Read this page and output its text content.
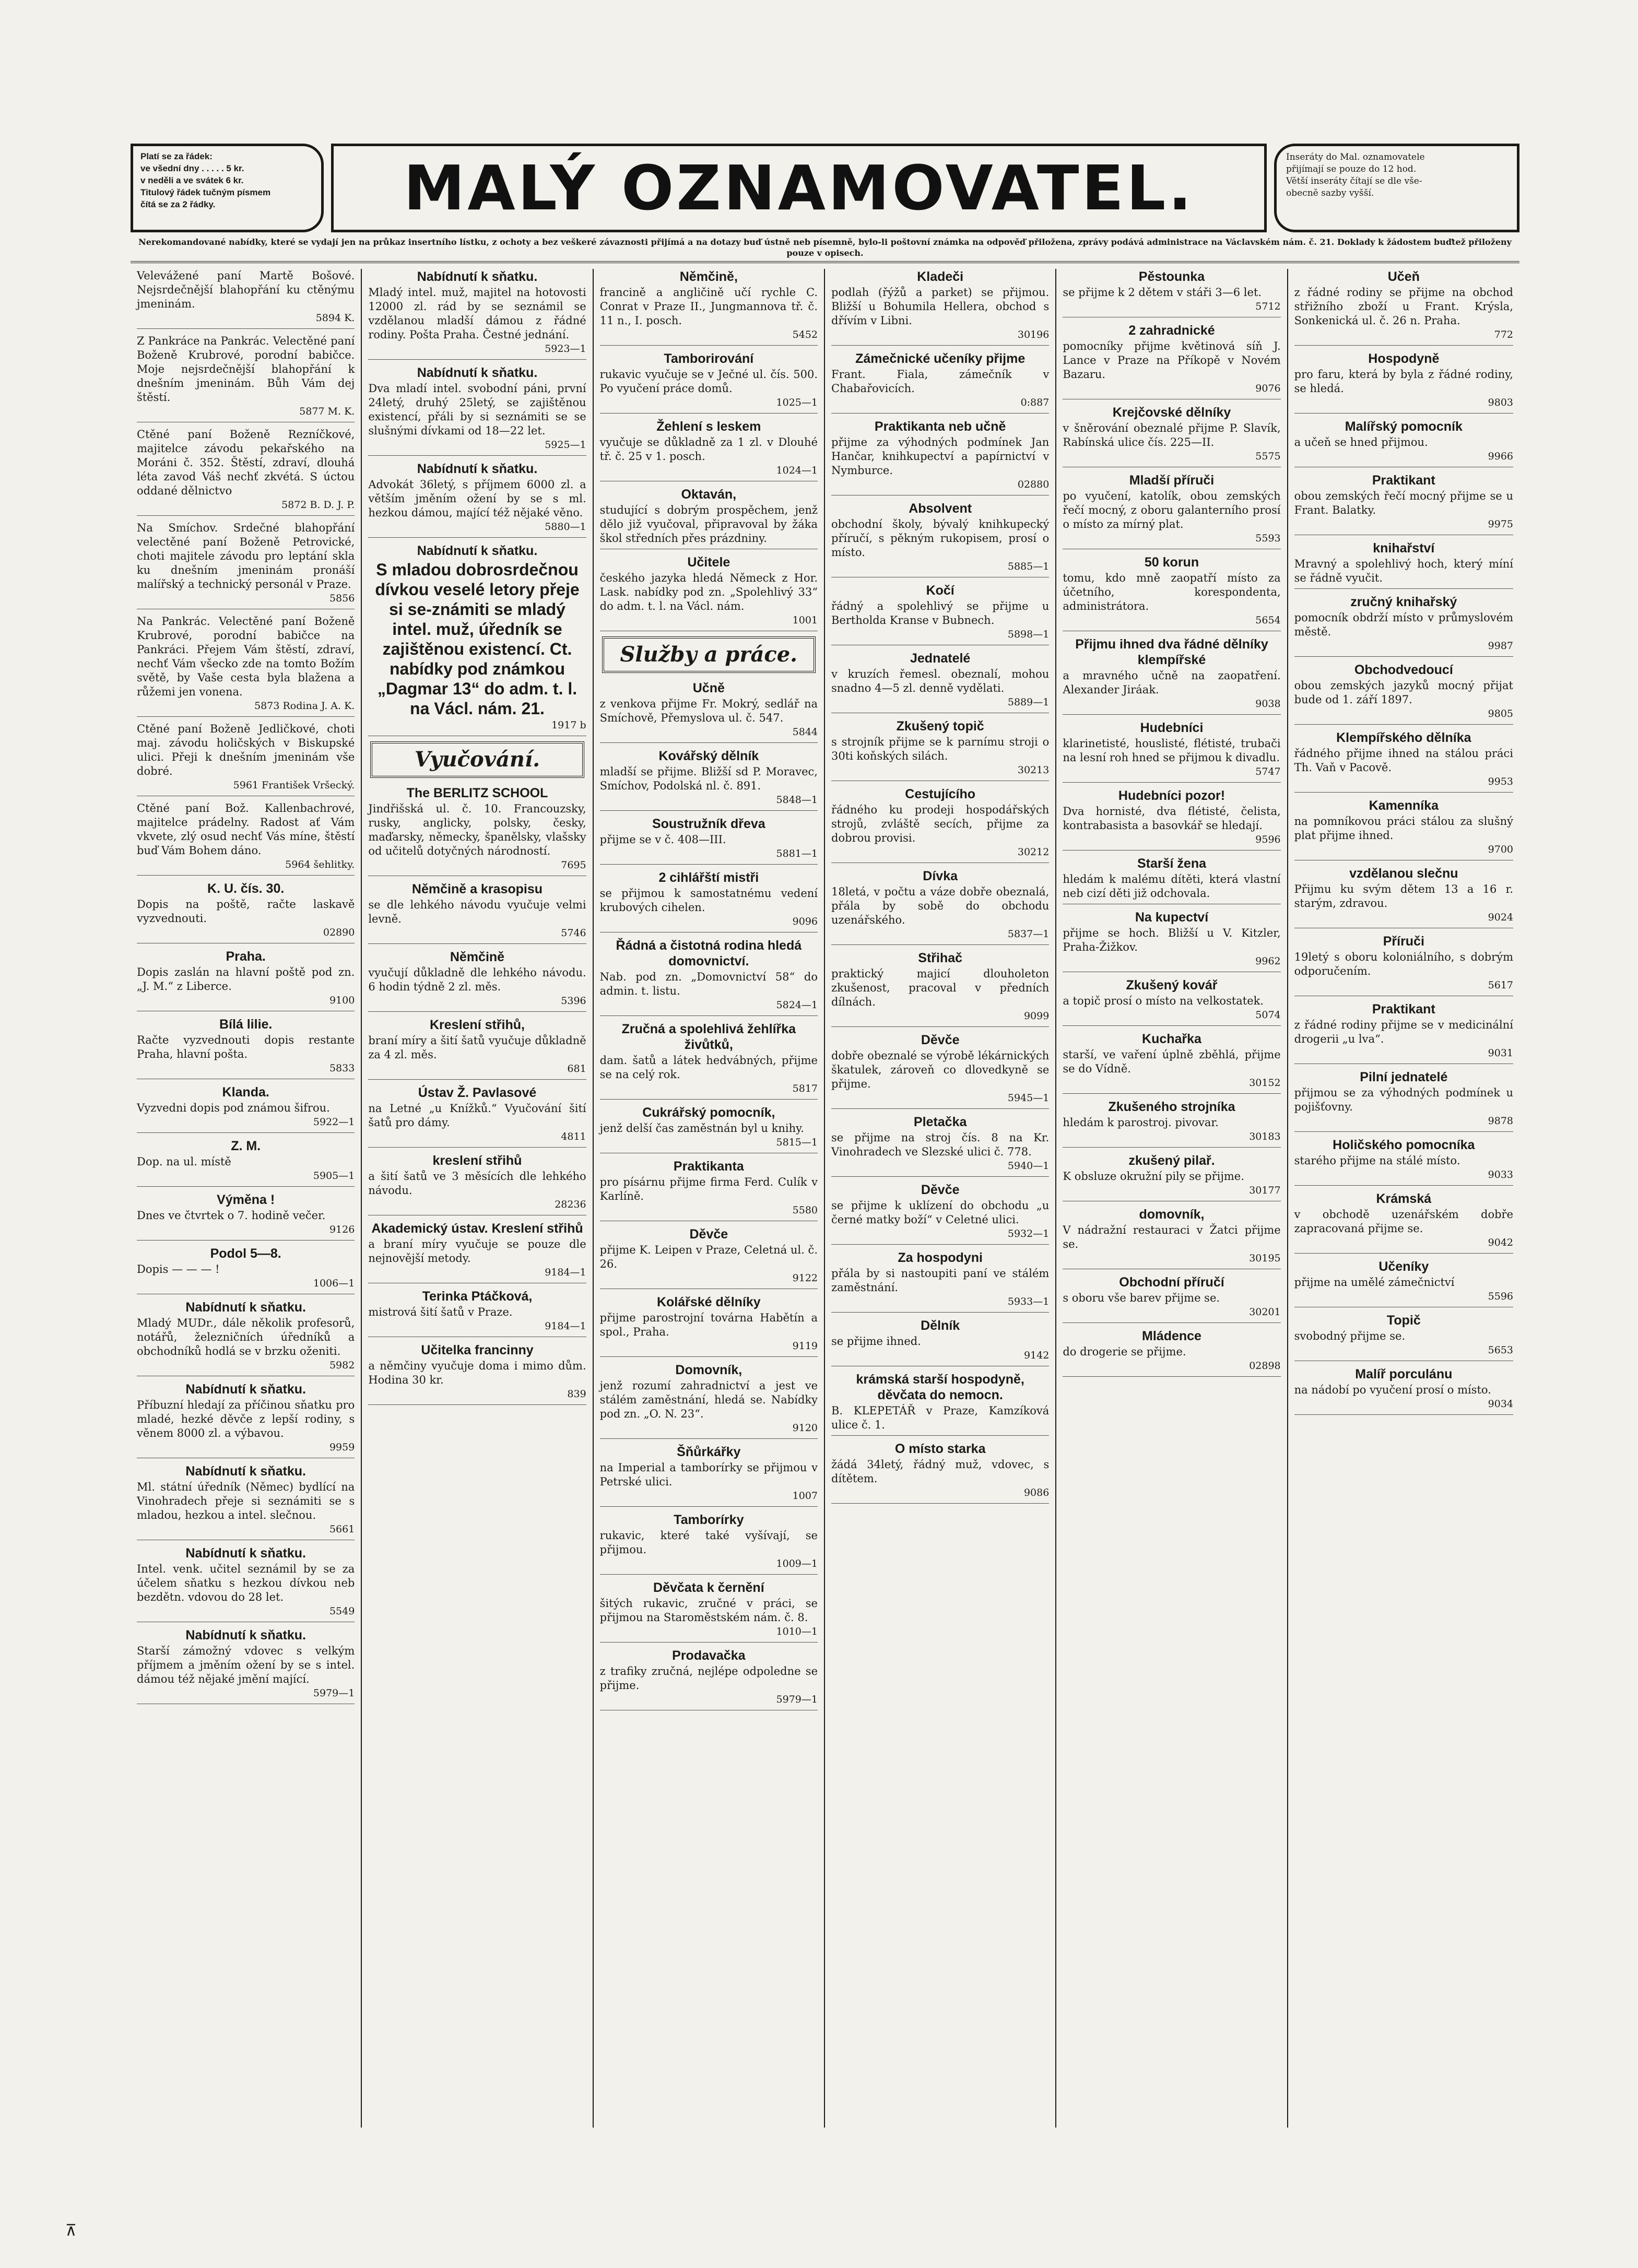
Platí se za řádek:
ve všední dny . . . . . 5 kr.
v neděli a ve svátek 6 kr.
Titulový řádek tučným písmem
čítá se za 2 řádky.	MALÝ OZNAMOVATEL.	Inseráty do Mal. oznamovatele
přijímají se pouze do 12 hod.
Větší inseráty čítají se dle vše-
obecně sazby vyšší.
Nerekomandované nabídky, které se vydají jen na průkaz insertního lístku, z ochoty a bez veškeré závaznosti přijímá a na dotazy buď ústně neb písemně, bylo-li poštovní známka na odpověď přiložena, zprávy podává administrace na Václavském nám. č. 21. Doklady k žádostem buďtež přiloženy pouze v opisech.
Velevážené paní Martě Bošové. Nejsrdečnější blahopřání ku ctěnýmu jmeninám.
5894 K.
Z Pankráce na Pankrác. Velectěné paní Boženě Krubrové, porodní babičce. Moje nejsrdečnější blahopřání k dnešním jmeninám. Bůh Vám dej štěstí.
5877 M. K.
Ctěné paní Boženě Rezníčkové, majitelce závodu pekařského na Moráni č. 352. Štěstí, zdraví, dlouhá léta zavod Váš nechť zkvétá. S úctou oddané dělnictvo
5872 B. D. J. P.
Na Smíchov. Srdečné blahopřání velectěné paní Boženě Petrovické, choti majitele závodu pro leptání skla ku dnešním jmeninám pronáší malířský a technický personál v Praze.
5856
Na Pankrác. Velectěné paní Boženě Krubrové, porodní babičce na Pankráci. Přejem Vám štěstí, zdraví, nechť Vám všecko zde na tomto Božím světě, by Vaše cesta byla blažena a růžemi jen vonena.
5873 Rodina J. A. K.
Ctěné paní Boženě Jedličkové, choti maj. závodu holičských v Biskupské ulici. Přeji k dnešním jmeninám vše dobré.
5961 František Vršecký.
Ctěné paní Bož. Kallenbachrové, majitelce prádelny. Radost ať Vám vkvete, zlý osud nechť Vás míne, štěstí buď Vám Bohem dáno.
5964 šehlitky.
K. U. čís. 30.
Dopis na poště, račte laskavě vyzvednouti.
02890
Praha.
Dopis zaslán na hlavní poště pod zn. „J. M.“ z Liberce.
9100
Bílá lilie.
Račte vyzvednouti dopis restante Praha, hlavní pošta.
5833
Klanda.
Vyzvedni dopis pod známou šifrou.
5922—1
Z. M.
Dop. na ul. místě
5905—1
Výměna !
Dnes ve čtvrtek o 7. hodině večer.
9126
Podol 5—8.
Dopis — — — !
1006—1
Nabídnutí k sňatku.
Mladý MUDr., dále několik profesorů, notářů, železničních úředníků a obchodníků hodlá se v brzku oženiti.
5982
Nabídnutí k sňatku.
Příbuzní hledají za příčinou sňatku pro mladé, hezké děvče z lepší rodiny, s věnem 8000 zl. a výbavou.
9959
Nabídnutí k sňatku.
Ml. státní úředník (Němec) bydlící na Vinohradech přeje si seznámiti se s mladou, hezkou a intel. slečnou.
5661
Nabídnutí k sňatku.
Intel. venk. učitel seznámil by se za účelem sňatku s hezkou dívkou neb bezdětn. vdovou do 28 let.
5549
Nabídnutí k sňatku.
Starší zámožný vdovec s velkým příjmem a jměním ožení by se s intel. dámou též nějaké jmění mající.
5979—1
Nabídnutí k sňatku.
Mladý intel. muž, majitel na hotovosti 12000 zl. rád by se seznámil se vzdělanou mladší dámou z řádné rodiny. Pošta Praha. Čestné jednání.
5923—1
Nabídnutí k sňatku.
Dva mladí intel. svobodní páni, první 24letý, druhý 25letý, se zajištěnou existencí, přáli by si seznámiti se se slušnými dívkami od 18—22 let.
5925—1
Nabídnutí k sňatku.
Advokát 36letý, s příjmem 6000 zl. a větším jměním ožení by se s ml. hezkou dámou, mající též nějaké věno.
5880—1
Nabídnutí k sňatku.
S mladou dobrosrdečnou dívkou veselé letory přeje si se-známiti se mladý intel. muž, úředník se zajištěnou existencí. Ct. nabídky pod známkou „Dagmar 13“ do adm. t. l. na Václ. nám. 21.
1917 b
Vyučování.
The BERLITZ SCHOOL
Jindřišská ul. č. 10. Francouzsky, rusky, anglicky, polsky, česky, maďarsky, německy, španělsky, vlašsky od učitelů dotyčných národností.
7695
Němčině a krasopisu
se dle lehkého návodu vyučuje velmi levně.
5746
Němčině
vyučují důkladně dle lehkého návodu. 6 hodin týdně 2 zl. měs.
5396
Kreslení střihů,
braní míry a šití šatů vyučuje důkladně za 4 zl. měs.
681
Ústav Ž. Pavlasové
na Letné „u Knížků.“ Vyučování šití šatů pro dámy.
4811
kreslení střihů
a šití šatů ve 3 měsících dle lehkého návodu.
28236
Akademický ústav. Kreslení střihů
a braní míry vyučuje se pouze dle nejnovější metody.
9184—1
Terinka Ptáčková,
mistrová šití šatů v Praze.
9184—1
Učitelka francinny
a němčiny vyučuje doma i mimo dům. Hodina 30 kr.
839
Němčině,
francině a angličině učí rychle C. Conrat v Praze II., Jungmannova tř. č. 11 n., I. posch.
5452
Tamborirování
rukavic vyučuje se v Ječné ul. čís. 500. Po vyučení práce domů.
1025—1
Žehlení s leskem
vyučuje se důkladně za 1 zl. v Dlouhé tř. č. 25 v 1. posch.
1024—1
Oktaván,
studující s dobrým prospěchem, jenž dělo již vyučoval, připravoval by žáka škol středních přes prázdniny.
Učitele
českého jazyka hledá Německ z Hor. Lask. nabídky pod zn. „Spolehlivý 33“ do adm. t. l. na Václ. nám.
1001
Služby a práce.
Učně
z venkova přijme Fr. Mokrý, sedlář na Smíchově, Přemyslova ul. č. 547.
5844
Kovářský dělník
mladší se přijme. Bližší sd P. Moravec, Smíchov, Podolská nl. č. 891.
5848—1
Soustružník dřeva
přijme se v č. 408—III.
5881—1
2 cihlářští mistři
se přijmou k samostatnému vedení krubových cihelen.
9096
Řádná a čistotná rodina hledá domovnictví.
Nab. pod zn. „Domovnictví 58“ do admin. t. listu.
5824—1
Zručná a spolehlivá žehlířka živůtků,
dam. šatů a látek hedvábných, přijme se na celý rok.
5817
Cukrářský pomocník,
jenž delší čas zaměstnán byl u knihy.
5815—1
Praktikanta
pro písárnu přijme firma Ferd. Culík v Karlíně.
5580
Děvče
přijme K. Leipen v Praze, Celetná ul. č. 26.
9122
Kolářské dělníky
přijme parostrojní továrna Habětín a spol., Praha.
9119
Domovník,
jenž rozumí zahradnictví a jest ve stálém zaměstnání, hledá se. Nabídky pod zn. „O. N. 23“.
9120
Šňůrkářky
na Imperial a tamborírky se přijmou v Petrské ulici.
1007
Tamborírky
rukavic, které také vyšívají, se přijmou.
1009—1
Děvčata k černění
šitých rukavic, zručné v práci, se přijmou na Staroměstském nám. č. 8.
1010—1
Prodavačka
z trafiky zručná, nejlépe odpoledne se přijme.
5979—1
Kladeči
podlah (řýžů a parket) se přijmou. Bližší u Bohumila Hellera, obchod s dřívím v Libni.
30196
Zámečnické učeníky přijme
Frant. Fiala, zámečník v Chabařovicích.
0:887
Praktikanta neb učně
přijme za výhodných podmínek Jan Hančar, knihkupectví a papírnictví v Nymburce.
02880
Absolvent
obchodní školy, bývalý knihkupecký příručí, s pěkným rukopisem, prosí o místo.
5885—1
Kočí
řádný a spolehlivý se přijme u Bertholda Kranse v Bubnech.
5898—1
Jednatelé
v kruzích řemesl. obeznalí, mohou snadno 4—5 zl. denně vydělati.
5889—1
Zkušený topič
s strojník přijme se k parnímu stroji o 30ti koňských silách.
30213
Cestujícího
řádného ku prodeji hospodářských strojů, zvláště secích, přijme za dobrou provisi.
30212
Dívka
18letá, v počtu a váze dobře obeznalá, přála by sobě do obchodu uzenářského.
5837—1
Střihač
praktický majicí dlouholeton zkušenost, pracoval v předních dílnách.
9099
Děvče
dobře obeznalé se výrobě lékárnických škatulek, zároveň co dlovedkyně se přijme.
5945—1
Pletačka
se přijme na stroj čís. 8 na Kr. Vinohradech ve Slezské ulici č. 778.
5940—1
Děvče
se přijme k uklízení do obchodu „u černé matky boží“ v Celetné ulici.
5932—1
Za hospodyni
přála by si nastoupiti paní ve stálém zaměstnání.
5933—1
Dělník
se přijme ihned.
9142
krámská starší hospodyně, děvčata do nemocn.
B. KLEPETÁŘ v Praze, Kamzíková ulice č. 1.
O místo starka
žádá 34letý, řádný muž, vdovec, s dítětem.
9086
Pěstounka
se přijme k 2 dětem v stáři 3—6 let.
5712
2 zahradnické
pomocníky přijme květinová síň J. Lance v Praze na Příkopě v Novém Bazaru.
9076
Krejčovské dělníky
v šněrování obeznalé přijme P. Slavík, Rabínská ulice čís. 225—II.
5575
Mladší příruči
po vyučení, katolík, obou zemských řečí mocný, z oboru galanterního prosí o místo za mírný plat.
5593
50 korun
tomu, kdo mně zaopatří místo za účetního, korespondenta, administrátora.
5654
Přijmu ihned dva řádné dělníky klempířské
a mravného učně na zaopatření. Alexander Jiráak.
9038
Hudebníci
klarinetisté, houslisté, flétisté, trubači na lesní roh hned se přijmou k divadlu.
5747
Hudebníci pozor!
Dva hornisté, dva flétisté, čelista, kontrabasista a basovkář se hledají.
9596
Starší žena
hledám k malému dítěti, která vlastní neb cizí děti již odchovala.
Na kupectví
přijme se hoch. Bližší u V. Kitzler, Praha-Žižkov.
9962
Zkušený kovář
a topič prosí o místo na velkostatek.
5074
Kuchařka
starší, ve vaření úplně zběhlá, přijme se do Vídně.
30152
Zkušeného strojníka
hledám k parostroj. pivovar.
30183
zkušený pilař.
K obsluze okružní pily se přijme.
30177
domovník,
V nádražní restauraci v Žatci přijme se.
30195
Obchodní příručí
s oboru vše barev přijme se.
30201
Mládence
do drogerie se přijme.
02898
Učeň
z řádné rodiny se přijme na obchod střižního zboží u Frant. Krýsla, Sonkenická ul. č. 26 n. Praha.
772
Hospodyně
pro faru, která by byla z řádné rodiny, se hledá.
9803
Malířský pomocník
a učeň se hned přijmou.
9966
Praktikant
obou zemských řečí mocný přijme se u Frant. Balatky.
9975
knihařství
Mravný a spolehlivý hoch, který míní se řádně vyučit.
zručný knihařský
pomocník obdrží místo v průmyslovém městě.
9987
Obchodvedoucí
obou zemských jazyků mocný přijat bude od 1. září 1897.
9805
Klempířského dělníka
řádného přijme ihned na stálou práci Th. Vaň v Pacově.
9953
Kamenníka
na pomníkovou práci stálou za slušný plat přijme ihned.
9700
vzdělanou slečnu
Přijmu ku svým dětem 13 a 16 r. starým, zdravou.
9024
Příruči
19letý s oboru koloniálního, s dobrým odporučením.
5617
Praktikant
z řádné rodiny přijme se v medicinální drogerii „u lva“.
9031
Pilní jednatelé
přijmou se za výhodných podmínek u pojišťovny.
9878
Holičského pomocníka
starého přijme na stálé místo.
9033
Krámská
v obchodě uzenářském dobře zapracovaná přijme se.
9042
Učeníky
přijme na umělé zámečnictví
5596
Topič
svobodný přijme se.
5653
Malíř porculánu
na nádobí po vyučení prosí o místo.
9034
⊼
